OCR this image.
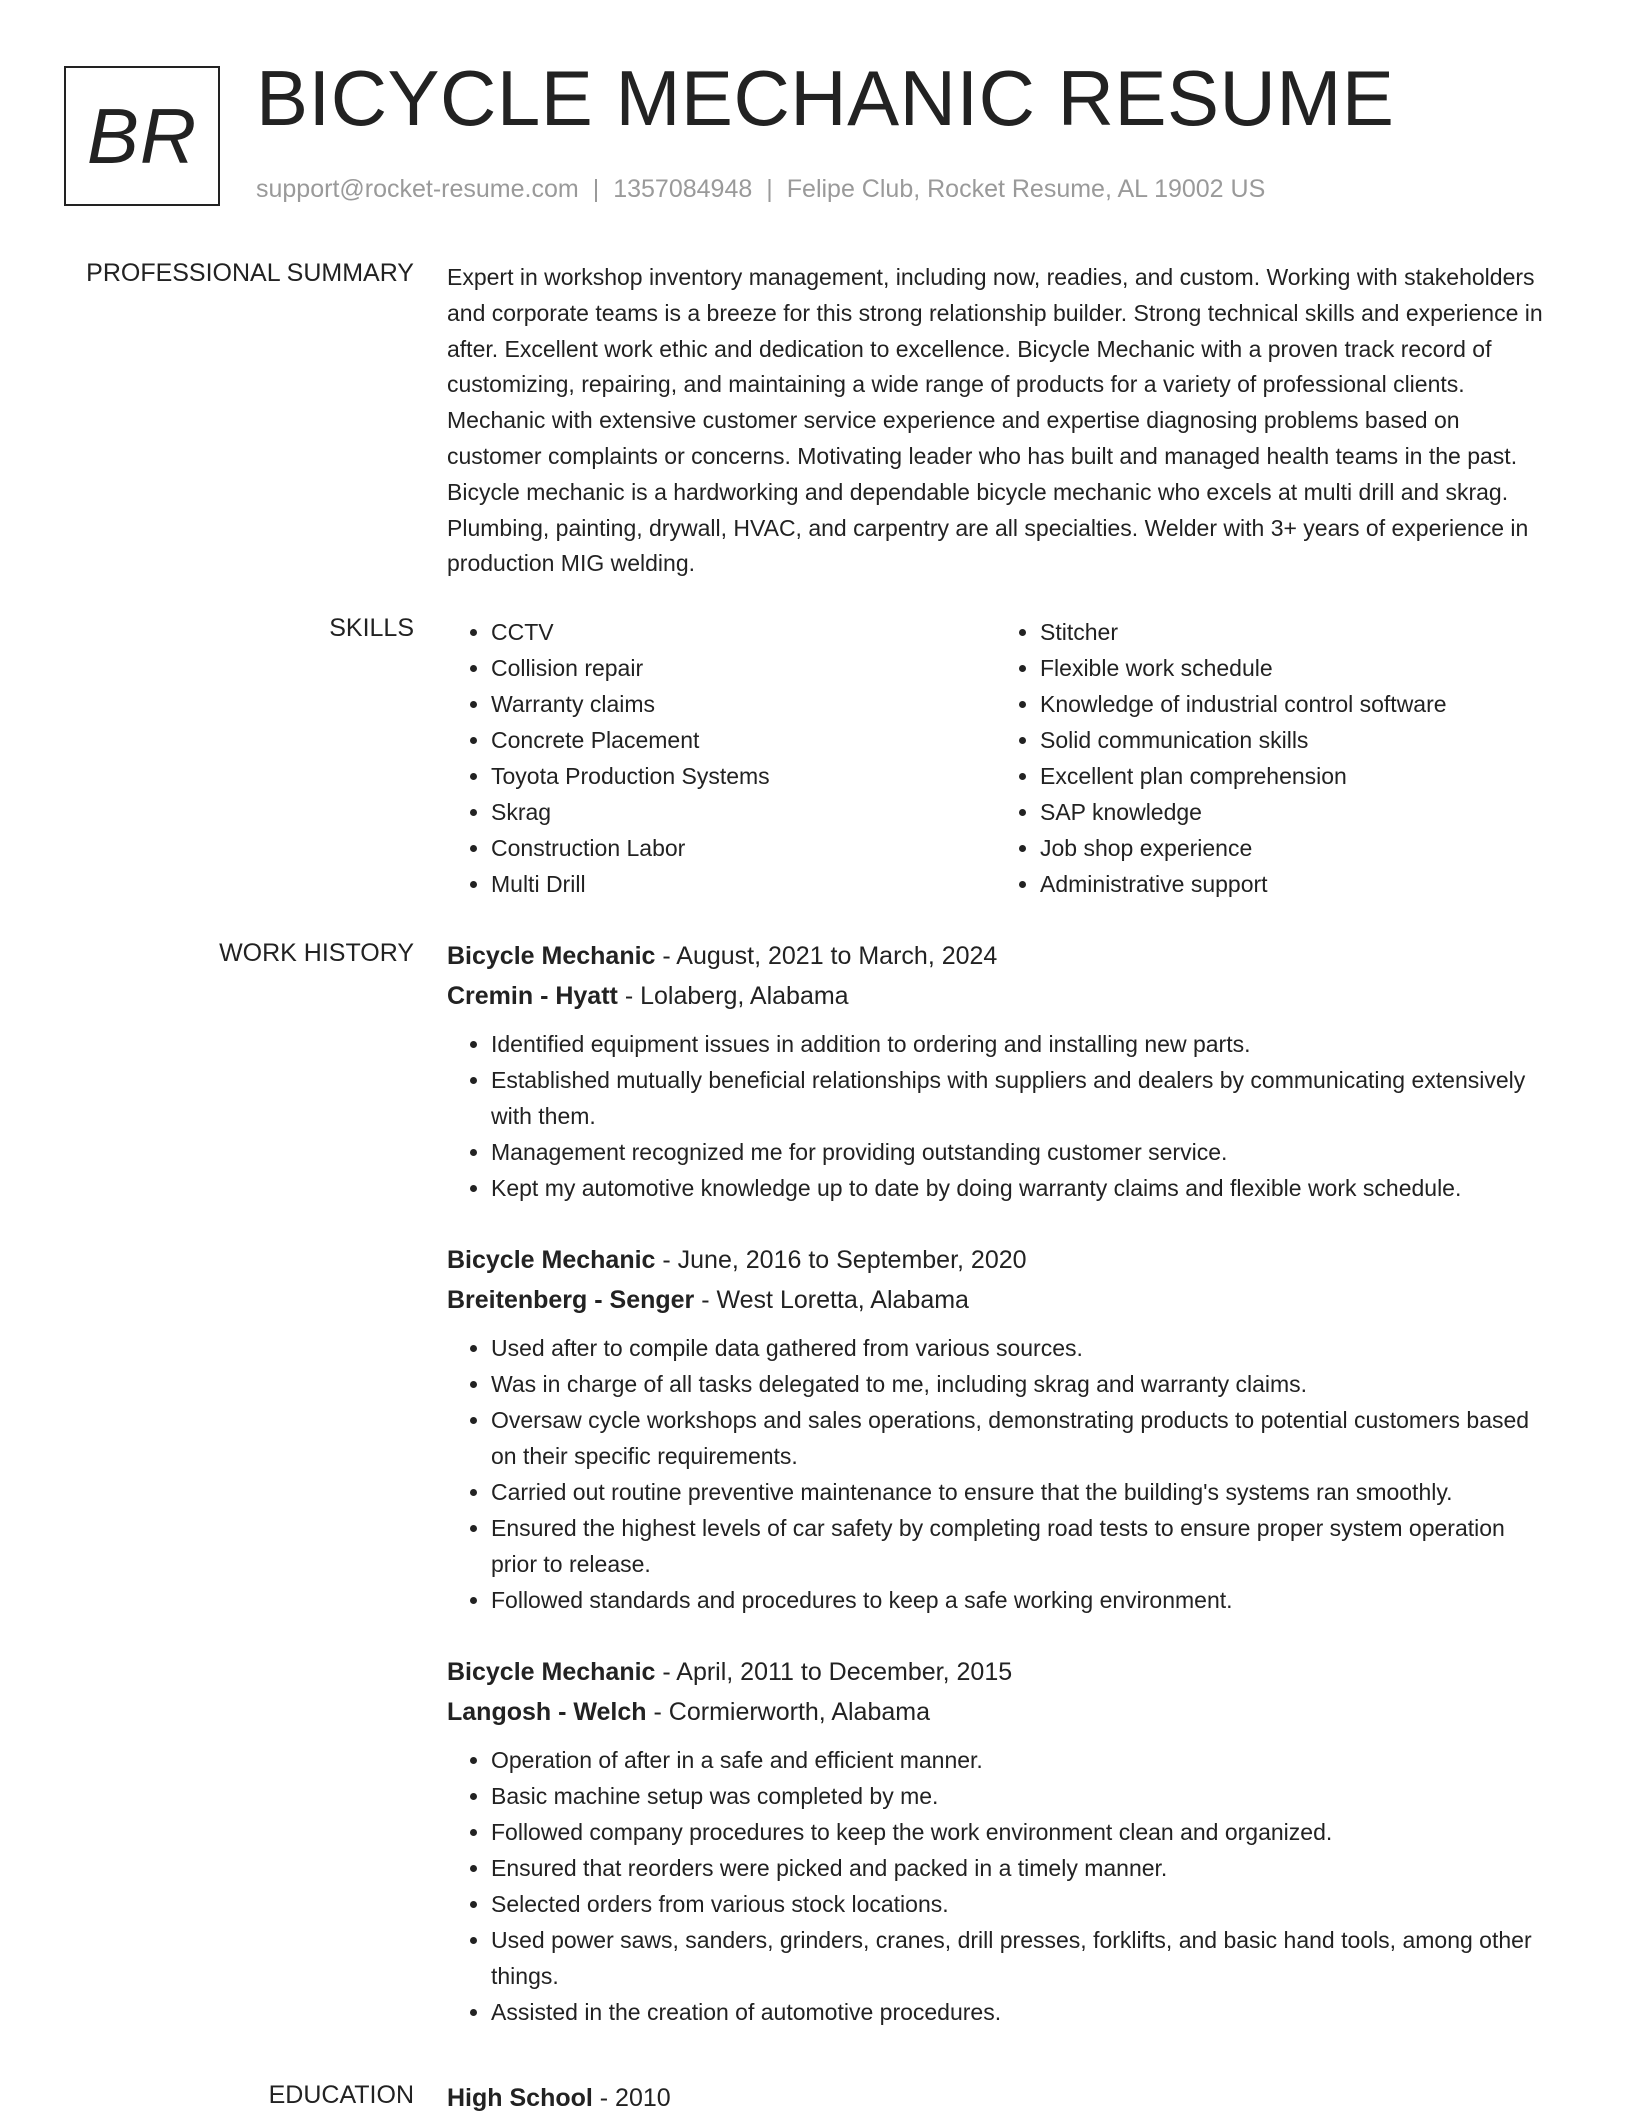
BR BICYCLE MECHANIC RESUME
support@rocket-resume.com | 1357084948 | Felipe Club, Rocket Resume, AL 19002 US
PROFESSIONAL SUMMARY Expert in workshop inventory management, including now, readies, and custom. Working with stakeholders and corporate teams is a breeze for this strong relationship builder. Strong technical skills and experience in after. Excellent work ethic and dedication to excellence. Bicycle Mechanic with a proven track record of customizing, repairing, and maintaining a wide range of products for a variety of professional clients. Mechanic with extensive customer service experience and expertise diagnosing problems based on customer complaints or concerns. Motivating leader who has built and managed health teams in the past. Bicycle mechanic is a hardworking and dependable bicycle mechanic who excels at multi drill and skrag. Plumbing, painting, drywall, HVAC, and carpentry are all specialties. Welder with 3+ years of experience in production MIG welding.

SKILLS
•	CCTV
• Collision repair
• Warranty claims
• Concrete Placement
• Toyota Production Systems
• Skrag
• Construction Labor
• Multi Drill
• Stitcher
• Flexible work schedule
• Knowledge of industrial control software
• Solid communication skills
• Excellent plan comprehension
• SAP knowledge
• Job shop experience
• Administrative support
WORK HISTORY Bicycle Mechanic - August, 2021 to March, 2024
Cremin - Hyatt - Lolaberg, Alabama
• Identified equipment issues in addition to ordering and installing new parts.
• Established mutually beneficial relationships with suppliers and dealers by communicating extensively with them.
• Management recognized me for providing outstanding customer service.
• Kept my automotive knowledge up to date by doing warranty claims and flexible work schedule.
Bicycle Mechanic - June, 2016 to September, 2020
Breitenberg - Senger - West Loretta, Alabama
• Used after to compile data gathered from various sources.
• Was in charge of all tasks delegated to me, including skrag and warranty claims.
• Oversaw cycle workshops and sales operations, demonstrating products to potential customers based on their specific requirements.
• Carried out routine preventive maintenance to ensure that the building's systems ran smoothly.
• Ensured the highest levels of car safety by completing road tests to ensure proper system operation prior to release.
• Followed standards and procedures to keep a safe working environment.
Bicycle Mechanic - April, 2011 to December, 2015
Langosh - Welch - Cormierworth, Alabama
• Operation of after in a safe and efficient manner.
• Basic machine setup was completed by me.
• Followed company procedures to keep the work environment clean and organized.
• Ensured that reorders were picked and packed in a timely manner.
• Selected orders from various stock locations.
• Used power saws, sanders, grinders, cranes, drill presses, forklifts, and basic hand tools, among other things.
• Assisted in the creation of automotive procedures.
EDUCATION High School - 2010
